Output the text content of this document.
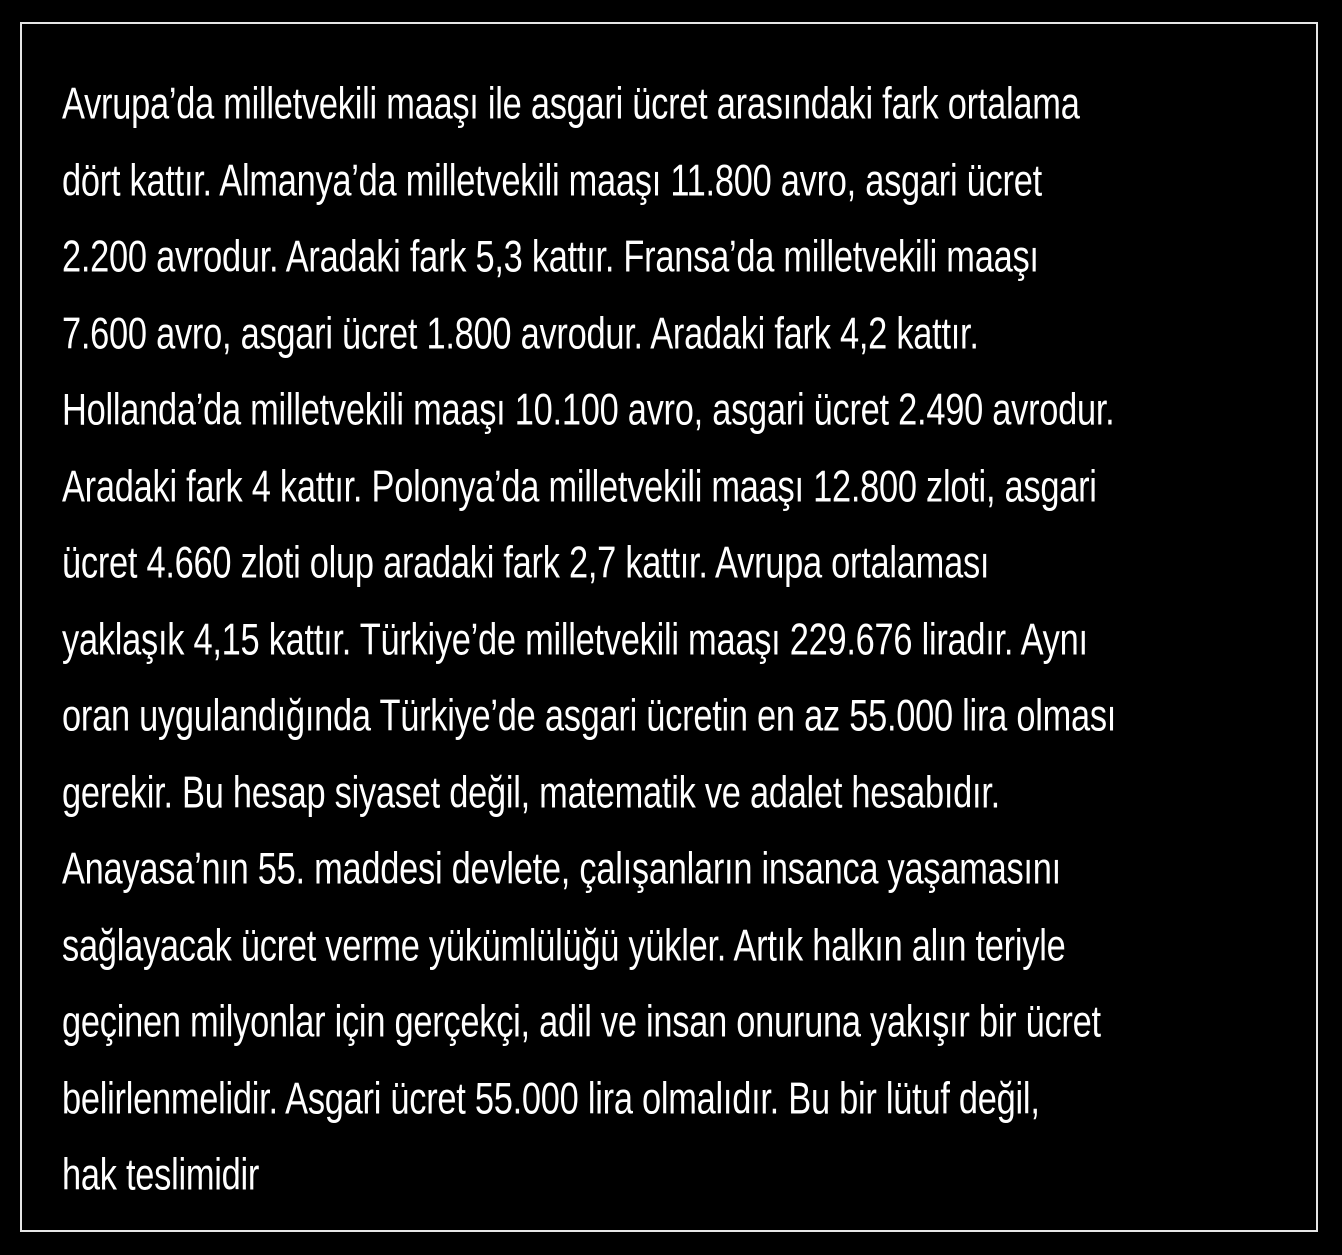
Avrupa’da milletvekili maaşı ile asgari ücret arasındaki fark ortalama
dört kattır. Almanya’da milletvekili maaşı 11.800 avro, asgari ücret
2.200 avrodur. Aradaki fark 5,3 kattır. Fransa’da milletvekili maaşı
7.600 avro, asgari ücret 1.800 avrodur. Aradaki fark 4,2 kattır.
Hollanda’da milletvekili maaşı 10.100 avro, asgari ücret 2.490 avrodur.
Aradaki fark 4 kattır. Polonya’da milletvekili maaşı 12.800 zloti, asgari
ücret 4.660 zloti olup aradaki fark 2,7 kattır. Avrupa ortalaması
yaklaşık 4,15 kattır. Türkiye’de milletvekili maaşı 229.676 liradır. Aynı
oran uygulandığında Türkiye’de asgari ücretin en az 55.000 lira olması
gerekir. Bu hesap siyaset değil, matematik ve adalet hesabıdır.
Anayasa’nın 55. maddesi devlete, çalışanların insanca yaşamasını
sağlayacak ücret verme yükümlülüğü yükler. Artık halkın alın teriyle
geçinen milyonlar için gerçekçi, adil ve insan onuruna yakışır bir ücret
belirlenmelidir. Asgari ücret 55.000 lira olmalıdır. Bu bir lütuf değil,
hak teslimidir
